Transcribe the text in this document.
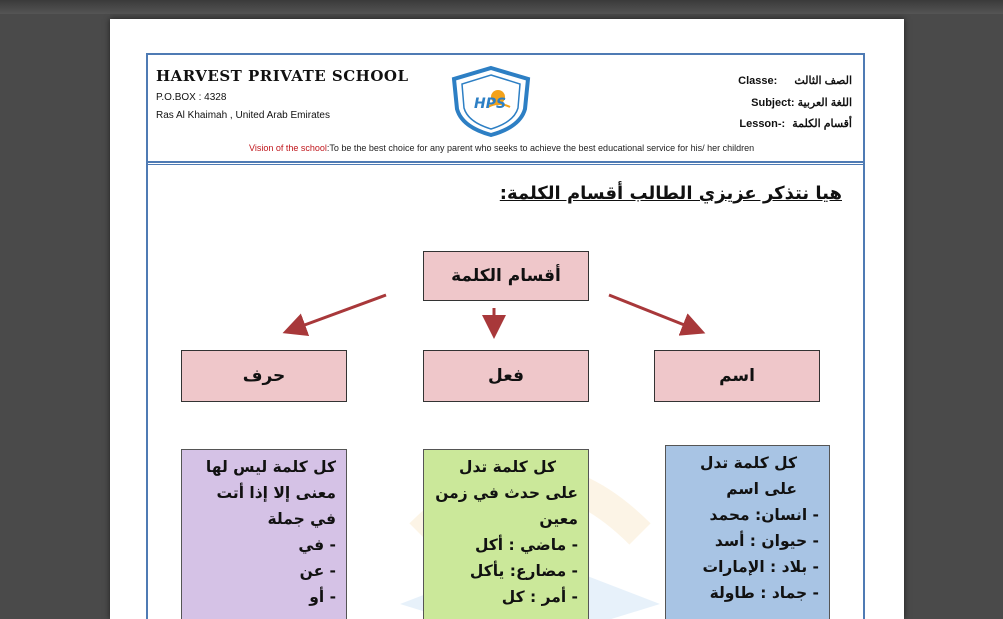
HARVEST PRIVATE SCHOOL
P.O.BOX : 4328
Ras Al Khaimah , United Arab Emirates
HPS
Classe: الصف الثالث
Subject: اللغة العربية
Lesson-: أقسام الكلمة
Vision of the school:To be the best choice for any parent who seeks to achieve the best educational service for his/ her children
هيا نتذكر عزيزي الطالب أقسام الكلمة:
أقسام الكلمة
اسم
فعل
حرف
كل كلمة تدل
على اسم
- انسان: محمد
- حيوان : أسد
- بلاد : الإمارات
- جماد : طاولة
كل كلمة تدل
على حدث في زمن
معين
- ماضي : أكل
- مضارع: يأكل
- أمر : كل
كل كلمة ليس لها
معنى إلا إذا أتت
في جملة
- في
- عن
- أو
